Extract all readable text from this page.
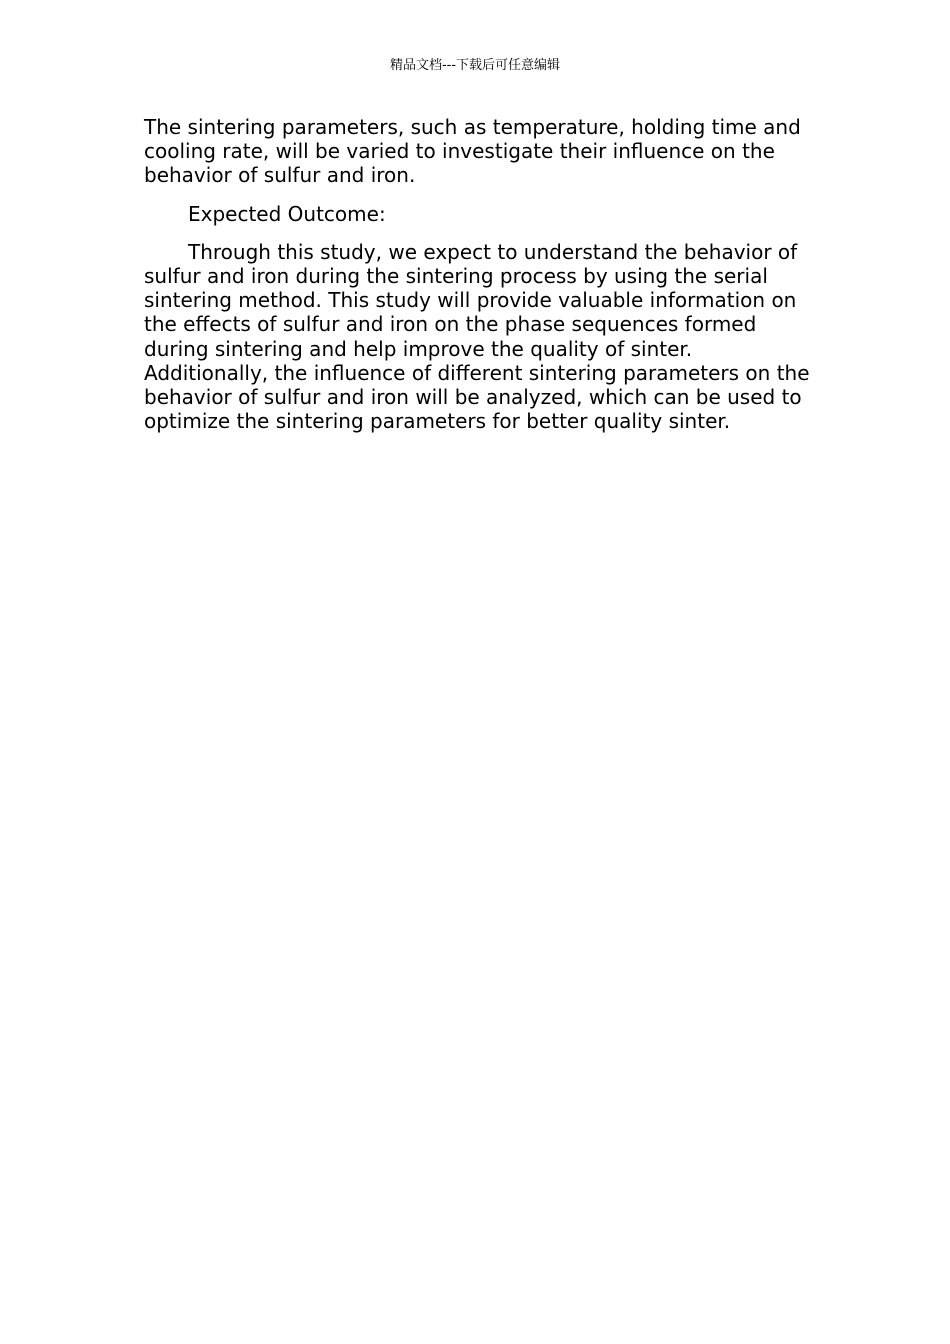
精品文档---下载后可任意编辑

The sintering parameters, such as temperature, holding time and cooling rate, will be varied to investigate their influence on the behavior of sulfur and iron.

Expected Outcome:

Through this study, we expect to understand the behavior of sulfur and iron during the sintering process by using the serial sintering method. This study will provide valuable information on the effects of sulfur and iron on the phase sequences formed during sintering and help improve the quality of sinter. Additionally, the influence of different sintering parameters on the behavior of sulfur and iron will be analyzed, which can be used to optimize the sintering parameters for better quality sinter.
